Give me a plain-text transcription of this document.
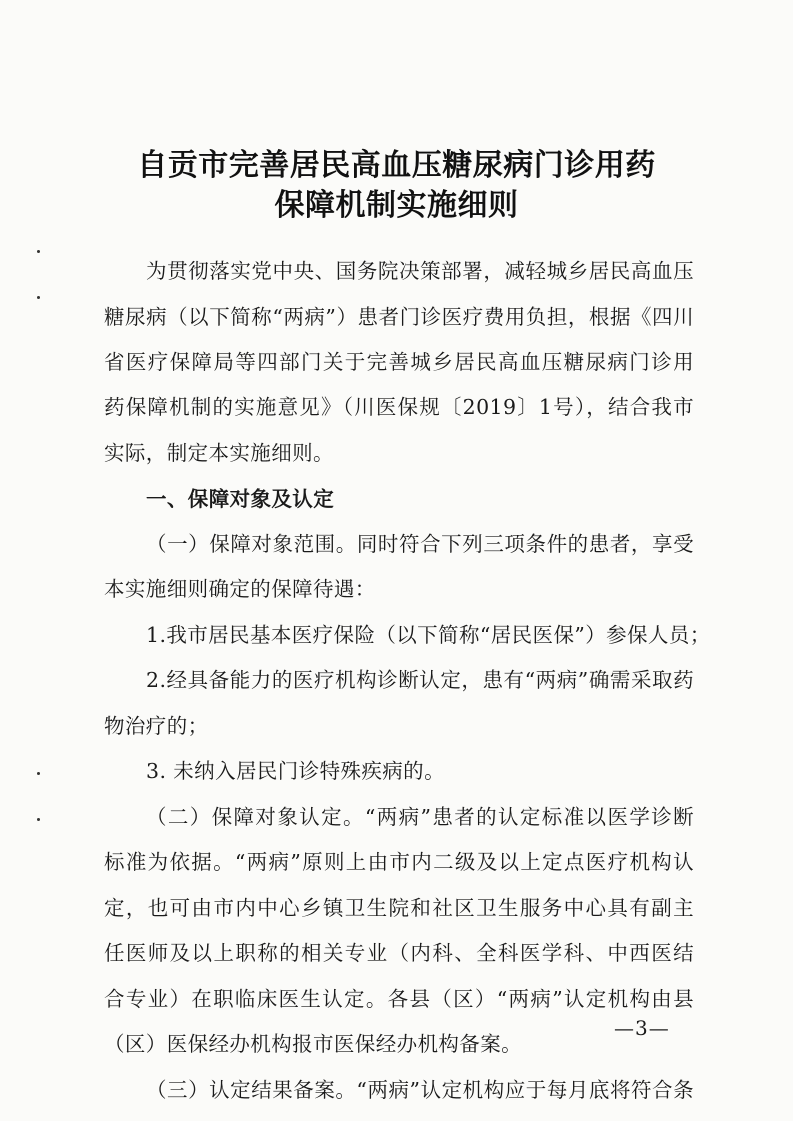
自贡市完善居民高血压糖尿病门诊用药
保障机制实施细则
为贯彻落实党中央、国务院决策部署，减轻城乡居民高血压
糖尿病（以下简称“两病”）患者门诊医疗费用负担，根据《四川
省医疗保障局等四部门关于完善城乡居民高血压糖尿病门诊用
药保障机制的实施意见》（川医保规〔2019〕1号），结合我市
实际，制定本实施细则。
一、保障对象及认定
（一）保障对象范围。同时符合下列三项条件的患者，享受
本实施细则确定的保障待遇：
1.我市居民基本医疗保险（以下简称“居民医保”）参保人员；
2.经具备能力的医疗机构诊断认定，患有“两病”确需采取药
物治疗的；
3. 未纳入居民门诊特殊疾病的。
（二）保障对象认定。“两病”患者的认定标准以医学诊断
标准为依据。“两病”原则上由市内二级及以上定点医疗机构认
定，也可由市内中心乡镇卫生院和社区卫生服务中心具有副主
任医师及以上职称的相关专业（内科、全科医学科、中西医结
合专业）在职临床医生认定。各县（区）“两病”认定机构由县
（区）医保经办机构报市医保经办机构备案。
（三）认定结果备案。“两病”认定机构应于每月底将符合条
—3—
